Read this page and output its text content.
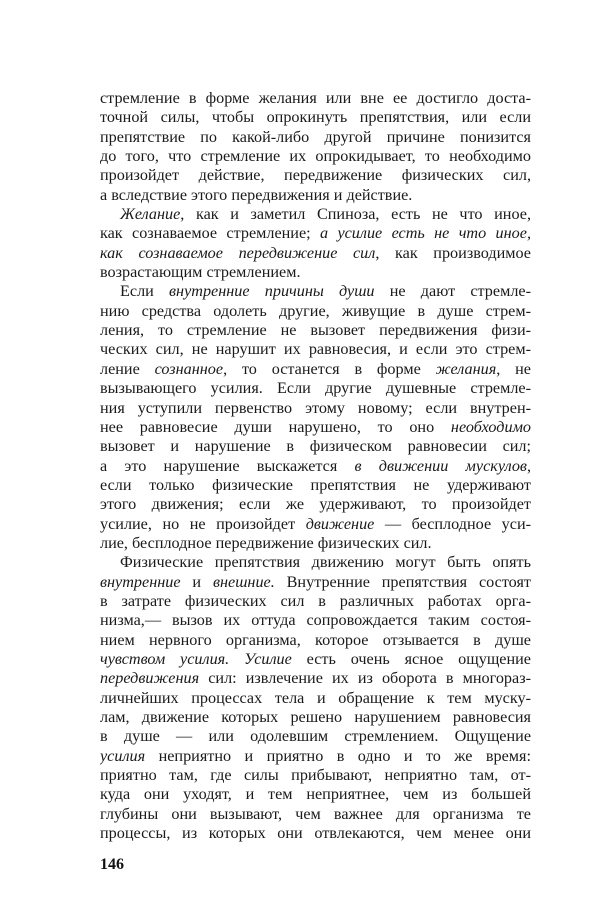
стремление в форме желания или вне ее достигло доста-
точной силы, чтобы опрокинуть препятствия, или если
препятствие по какой-либо другой причине понизится
до того, что стремление их опрокидывает, то необходимо
произойдет действие, передвижение физических сил,
а вследствие этого передвижения и действие.
Желание, как и заметил Спиноза, есть не что иное,
как сознаваемое стремление; а усилие есть не что иное,
как сознаваемое передвижение сил, как производимое
возрастающим стремлением.
Если внутренние причины души не дают стремле-
нию средства одолеть другие, живущие в душе стрем-
ления, то стремление не вызовет передвижения физи-
ческих сил, не нарушит их равновесия, и если это стрем-
ление сознанное, то останется в форме желания, не
вызывающего усилия. Если другие душевные стремле-
ния уступили первенство этому новому; если внутрен-
нее равновесие души нарушено, то оно необходимо
вызовет и нарушение в физическом равновесии сил;
а это нарушение выскажется в движении мускулов,
если только физические препятствия не удерживают
этого движения; если же удерживают, то произойдет
усилие, но не произойдет движение — бесплодное уси-
лие, бесплодное передвижение физических сил.
Физические препятствия движению могут быть опять
внутренние и внешние. Внутренние препятствия состоят
в затрате физических сил в различных работах орга-
низма,— вызов их оттуда сопровождается таким состоя-
нием нервного организма, которое отзывается в душе
чувством усилия. Усилие есть очень ясное ощущение
передвижения сил: извлечение их из оборота в многораз-
личнейших процессах тела и обращение к тем муску-
лам, движение которых решено нарушением равновесия
в душе — или одолевшим стремлением. Ощущение
усилия неприятно и приятно в одно и то же время:
приятно там, где силы прибывают, неприятно там, от-
куда они уходят, и тем неприятнее, чем из большей
глубины они вызывают, чем важнее для организма те
процессы, из которых они отвлекаются, чем менее они
146
